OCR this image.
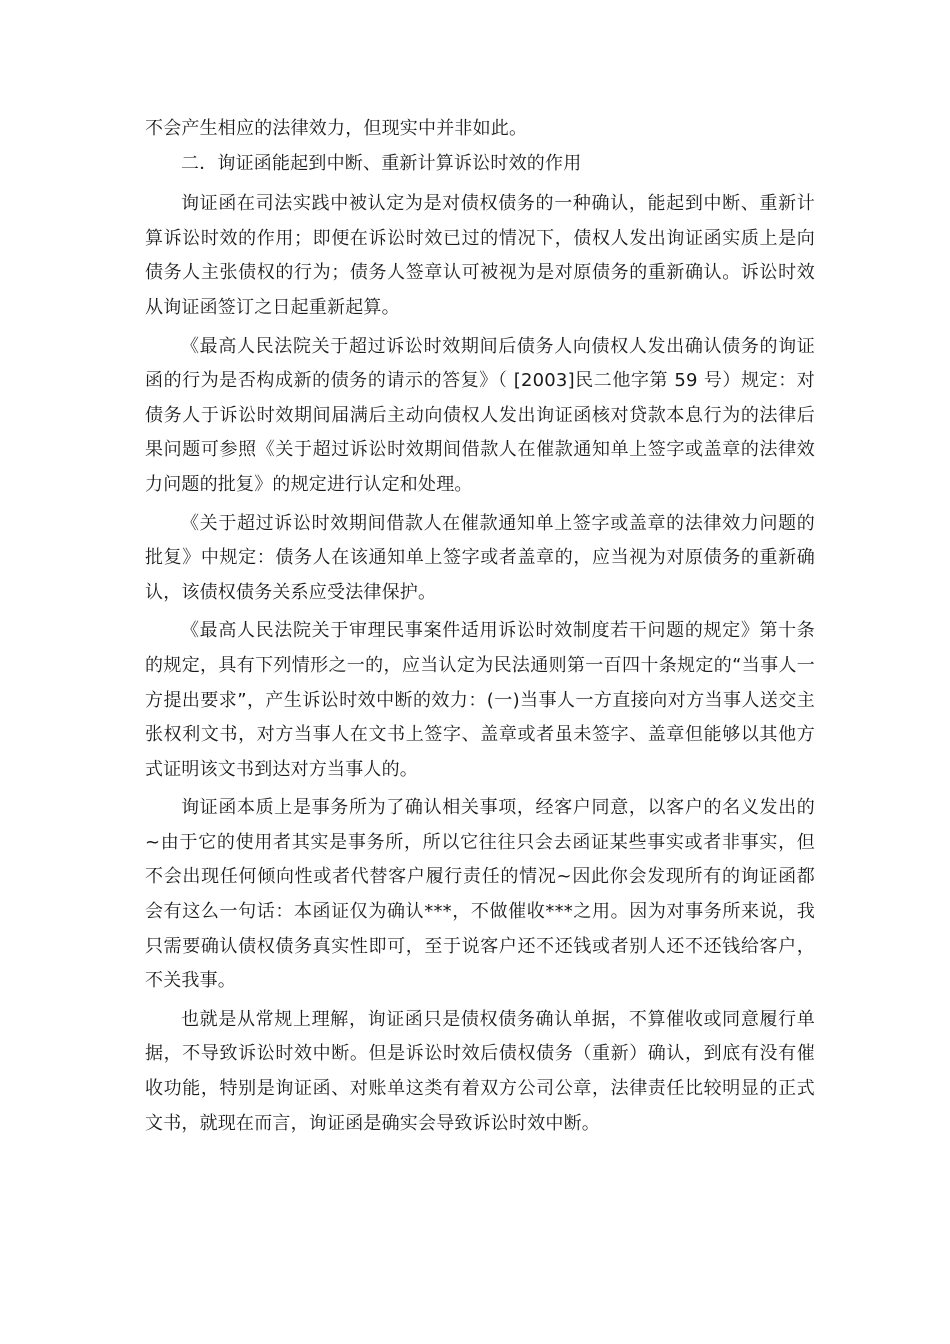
不会产生相应的法律效力，但现实中并非如此。

二．询证函能起到中断、重新计算诉讼时效的作用

询证函在司法实践中被认定为是对债权债务的一种确认，能起到中断、重新计算诉讼时效的作用；即便在诉讼时效已过的情况下，债权人发出询证函实质上是向债务人主张债权的行为；债务人签章认可被视为是对原债务的重新确认。诉讼时效从询证函签订之日起重新起算。

《最高人民法院关于超过诉讼时效期间后债务人向债权人发出确认债务的询证函的行为是否构成新的债务的请示的答复》（ [2003]民二他字第 59 号）规定：对债务人于诉讼时效期间届满后主动向债权人发出询证函核对贷款本息行为的法律后果问题可参照《关于超过诉讼时效期间借款人在催款通知单上签字或盖章的法律效力问题的批复》的规定进行认定和处理。

《关于超过诉讼时效期间借款人在催款通知单上签字或盖章的法律效力问题的批复》中规定：债务人在该通知单上签字或者盖章的，应当视为对原债务的重新确认，该债权债务关系应受法律保护。

《最高人民法院关于审理民事案件适用诉讼时效制度若干问题的规定》第十条的规定，具有下列情形之一的，应当认定为民法通则第一百四十条规定的“当事人一方提出要求”，产生诉讼时效中断的效力：(一)当事人一方直接向对方当事人送交主张权利文书，对方当事人在文书上签字、盖章或者虽未签字、盖章但能够以其他方式证明该文书到达对方当事人的。

询证函本质上是事务所为了确认相关事项，经客户同意，以客户的名义发出的~由于它的使用者其实是事务所，所以它往往只会去函证某些事实或者非事实，但不会出现任何倾向性或者代替客户履行责任的情况~因此你会发现所有的询证函都会有这么一句话：本函证仅为确认***，不做催收***之用。因为对事务所来说，我只需要确认债权债务真实性即可，至于说客户还不还钱或者别人还不还钱给客户，不关我事。

也就是从常规上理解，询证函只是债权债务确认单据，不算催收或同意履行单据，不导致诉讼时效中断。但是诉讼时效后债权债务（重新）确认，到底有没有催收功能，特别是询证函、对账单这类有着双方公司公章，法律责任比较明显的正式文书，就现在而言，询证函是确实会导致诉讼时效中断。
